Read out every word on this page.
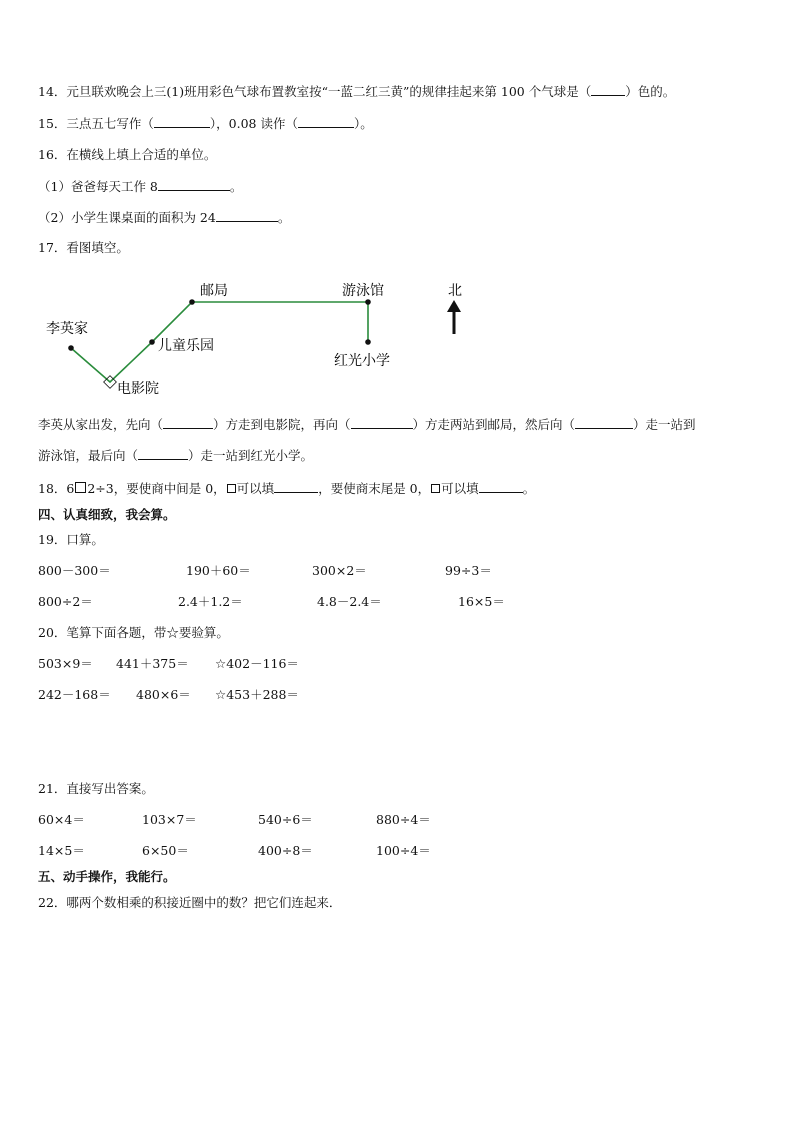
14．元旦联欢晚会上三(1)班用彩色气球布置教室按“一蓝二红三黄”的规律挂起来第 100 个气球是（	）色的。
15．三点五七写作（	），0.08 读作（	）。
16．在横线上填上合适的单位。
（1）爸爸每天工作 8	。
（2）小学生课桌面的面积为 24	。
17．看图填空。
李英家
电影院
儿童乐园
邮局	游泳馆
红光小学
北
李英从家出发，先向（	）方走到电影院，再向（	）方走两站到邮局，然后向（	）走一站到
游泳馆，最后向（	）走一站到红光小学。
18．6 2÷3，要使商中间是 0， 可以填	，要使商末尾是 0， 可以填	。
四、认真细致，我会算。
19．口算。
800－300＝	190＋60＝	300×2＝	99÷3＝
800÷2＝	2.4＋1.2＝	4.8－2.4＝	16×5＝
20．笔算下面各题，带☆要验算。
503×9＝ 441＋375＝ ☆402－116＝
242－168＝ 480×6＝ ☆453＋288＝
21．直接写出答案。
60×4＝	103×7＝	540÷6＝	880÷4＝
14×5＝	6×50＝	400÷8＝	100÷4＝
五、动手操作，我能行。
22．哪两个数相乘的积接近圈中的数？把它们连起来．
